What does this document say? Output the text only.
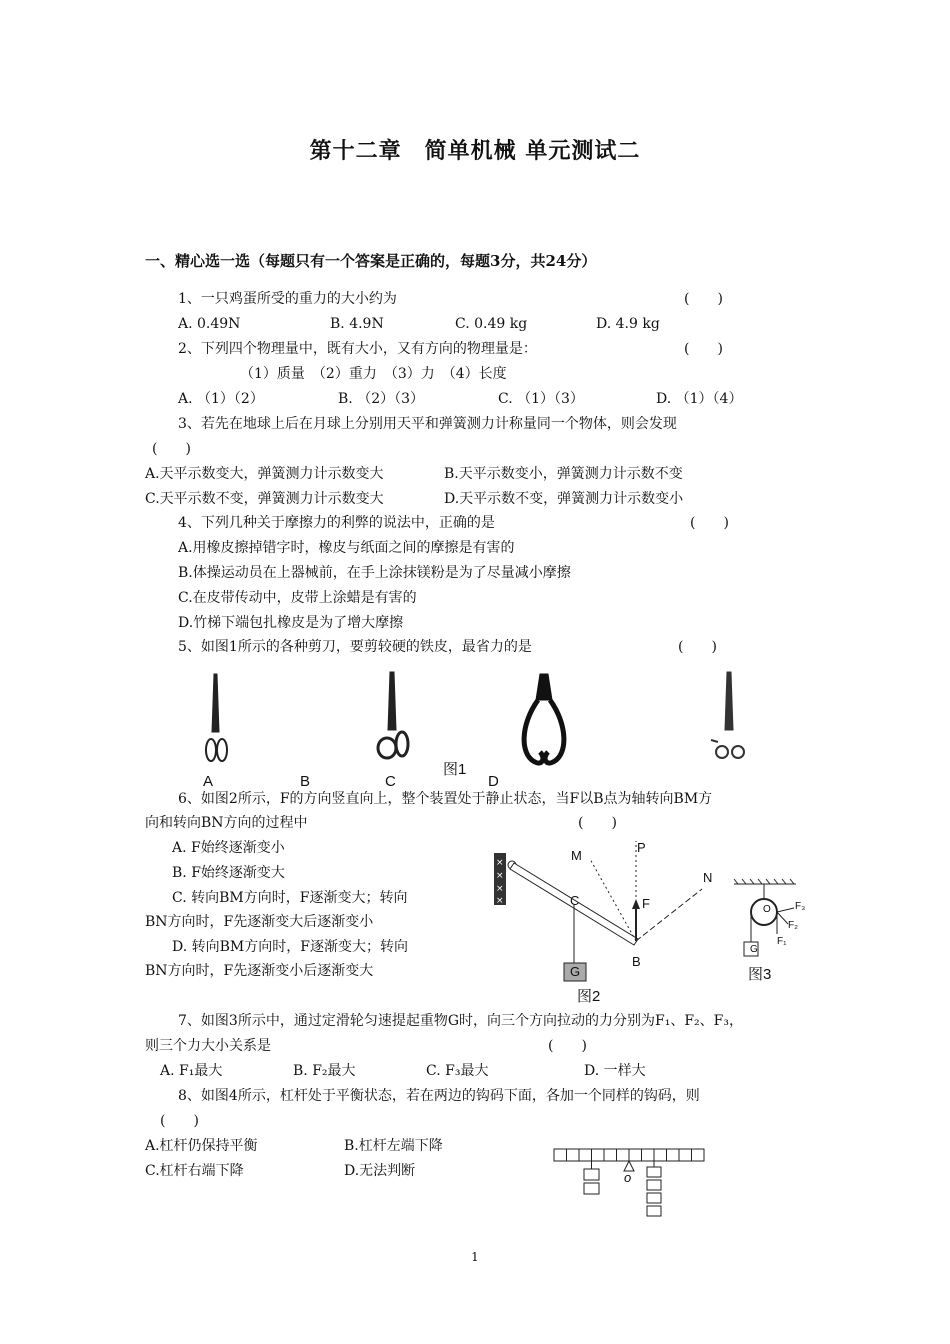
第十二章　简单机械 单元测试二
一、精心选一选（每题只有一个答案是正确的，每题3分，共24分）
1、一只鸡蛋所受的重力的大小约为	(　　)
A. 0.49N	B. 4.9N	C. 0.49 kg	D. 4.9 kg
2、下列四个物理量中，既有大小，又有方向的物理量是：	(　　)
（1）质量　（2）重力　（3）力　（4）长度
A. （1）（2）	B. （2）（3）	C. （1）（3）	D. （1）（4）
3、若先在地球上后在月球上分别用天平和弹簧测力计称量同一个物体，则会发现
(　　)
A.天平示数变大，弹簧测力计示数变大	B.天平示数变小，弹簧测力计示数不变
C.天平示数不变，弹簧测力计示数变大	D.天平示数不变，弹簧测力计示数变小
4、下列几种关于摩擦力的利弊的说法中，正确的是	(　　)
A.用橡皮擦掉错字时，橡皮与纸面之间的摩擦是有害的
B.体操运动员在上器械前，在手上涂抹镁粉是为了尽量减小摩擦
C.在皮带传动中，皮带上涂蜡是有害的
D.竹梯下端包扎橡皮是为了增大摩擦
5、如图1所示的各种剪刀，要剪较硬的铁皮，最省力的是	(　　)
图1
A	B	C	D
6、如图2所示，F的方向竖直向上，整个装置处于静止状态，当F以B点为轴转向BM方
向和转向BN方向的过程中	(　　)
A. F始终逐渐变小
B. F始终逐渐变大
C. 转向BM方向时，F逐渐变大；转向
BN方向时，F先逐渐变大后逐渐变小
D. 转向BM方向时，F逐渐变大；转向
BN方向时，F先逐渐变小后逐渐变大
×
×
×
×
M
P
N
C	F
B
G
图2
O
G
F₃
F₂
F₁
图3
7、如图3所示中，通过定滑轮匀速提起重物G时，向三个方向拉动的力分别为F₁、F₂、F₃，
则三个力大小关系是	(　　)
A. F₁最大	B. F₂最大	C. F₃最大	D. 一样大
8、如图4所示，杠杆处于平衡状态，若在两边的钩码下面，各加一个同样的钩码，则
(　　)
A.杠杆仍保持平衡	B.杠杆左端下降
C.杠杆右端下降	D.无法判断	o
1
